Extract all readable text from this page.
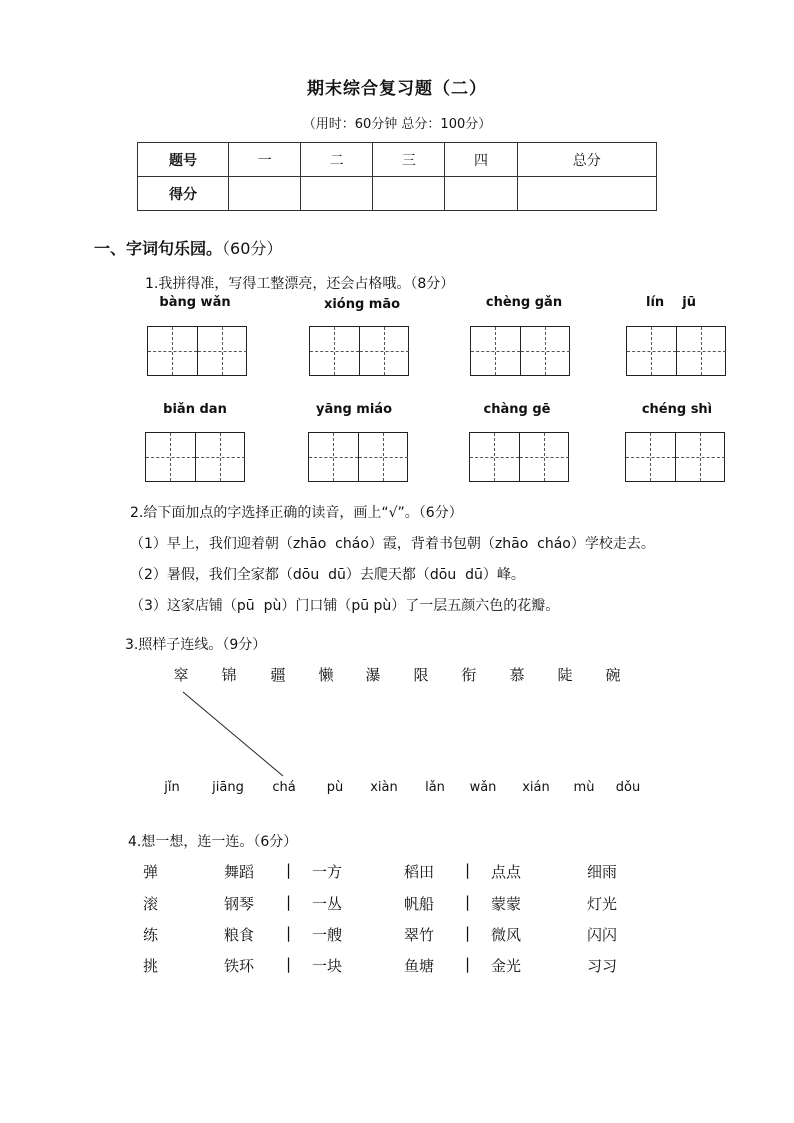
期末综合复习题（二）
（用时：60分钟 总分：100分）
题号	一	二	三	四	总分
得分					
一、字词句乐园。（60分）
1.我拼得准，写得工整漂亮，还会占格哦。（8分）
bàng wǎn	xióng māo	chèng gǎn	lín    jū
biǎn dan	yāng miáo	chàng gē	chéng shì
2.给下面加点的字选择正确的读音，画上“√”。（6分）
（1）早上，我们迎着朝（zhāo  cháo）霞，背着书包朝（zhāo  cháo）学校走去。
（2）暑假，我们全家都（dōu  dū）去爬天都（dōu  dū）峰。
（3）这家店铺（pū  pù）门口铺（pū pù）了一层五颜六色的花瓣。
3.照样子连线。（9分）
窣	锦	疆	懒	瀑	限	衔	慕	陡	碗
jǐn	jiāng	chá	pù	xiàn	lǎn	wǎn	xián	mù	dǒu
4.想一想，连一连。（6分）
弹	舞蹈 | 一方	稻田 | 点点	细雨
滚	钢琴 | 一丛	帆船 | 蒙蒙	灯光
练	粮食 | 一艘	翠竹 | 微风	闪闪
挑	铁环 | 一块	鱼塘 | 金光	习习
